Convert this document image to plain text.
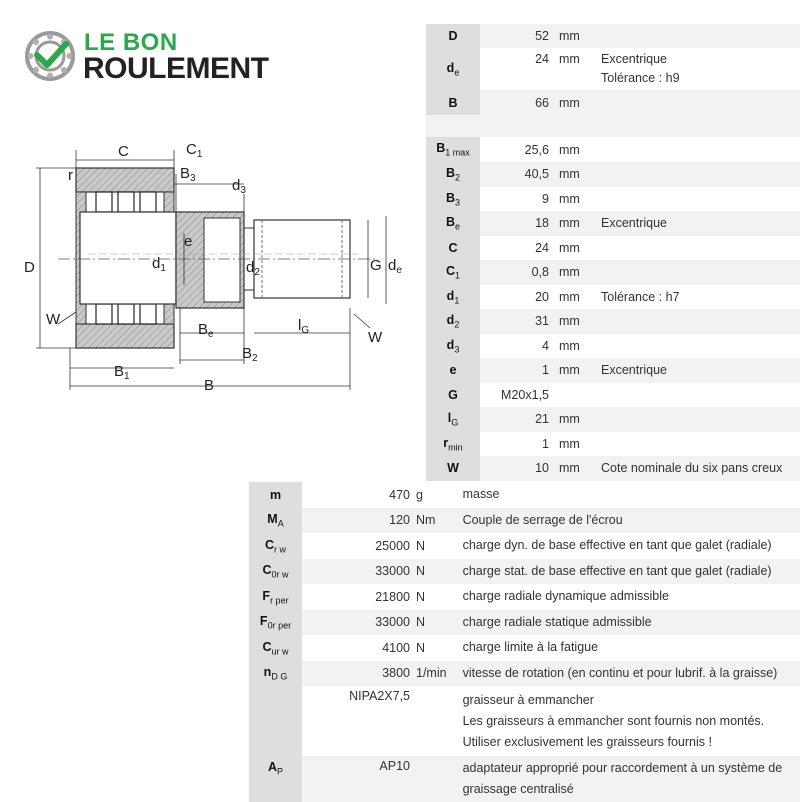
LE BON
ROULEMENT
C	$C_1$
r	$B_3$ $d_3$
e
D	$d_1$	$d_2$	G $d_e$
W
W
$B_e$
$l_G$
$B_2$
$B_1$
B
D	52	mm	
$d_e$	24	mm	Excentrique
Tolérance : h9

B	66	mm	

$B_{1 max}$	25,6	mm	
$B_2$	40,5	mm	
$B_3$	9	mm	
$B_e$	18	mm	Excentrique
C	24	mm	
$C_1$	0,8	mm	
$d_1$	20	mm	Tolérance : h7
$d_2$	31	mm	
$d_3$	4	mm	
e	1	mm	Excentrique
G	M20x1,5		
$l_G$	21	mm	
$r_{min}$	1	mm	
W	10	mm	Cote nominale du six pans creux
m	470	g	masse
$M_A$	120	Nm	Couple de serrage de l'écrou
$C_{r w}$	25000	N	charge dyn. de base effective en tant que galet (radiale)
$C_{0r w}$	33000	N	charge stat. de base effective en tant que galet (radiale)
$F_{r per}$	21800	N	charge radiale dynamique admissible
$F_{0r per}$	33000	N	charge radiale statique admissible
$C_{ur w}$	4100	N	charge limite à la fatigue
$n_{D G}$	3800	1/min	vitesse de rotation (en continu et pour lubrif. à la graisse)
	NIPA2X7,5		graisseur à emmancher
Les graisseurs à emmancher sont fournis non montés.
Utiliser exclusivement les graisseurs fournis !

$A_P$	AP10		adaptateur approprié pour raccordement à un système de
graissage centralisé
